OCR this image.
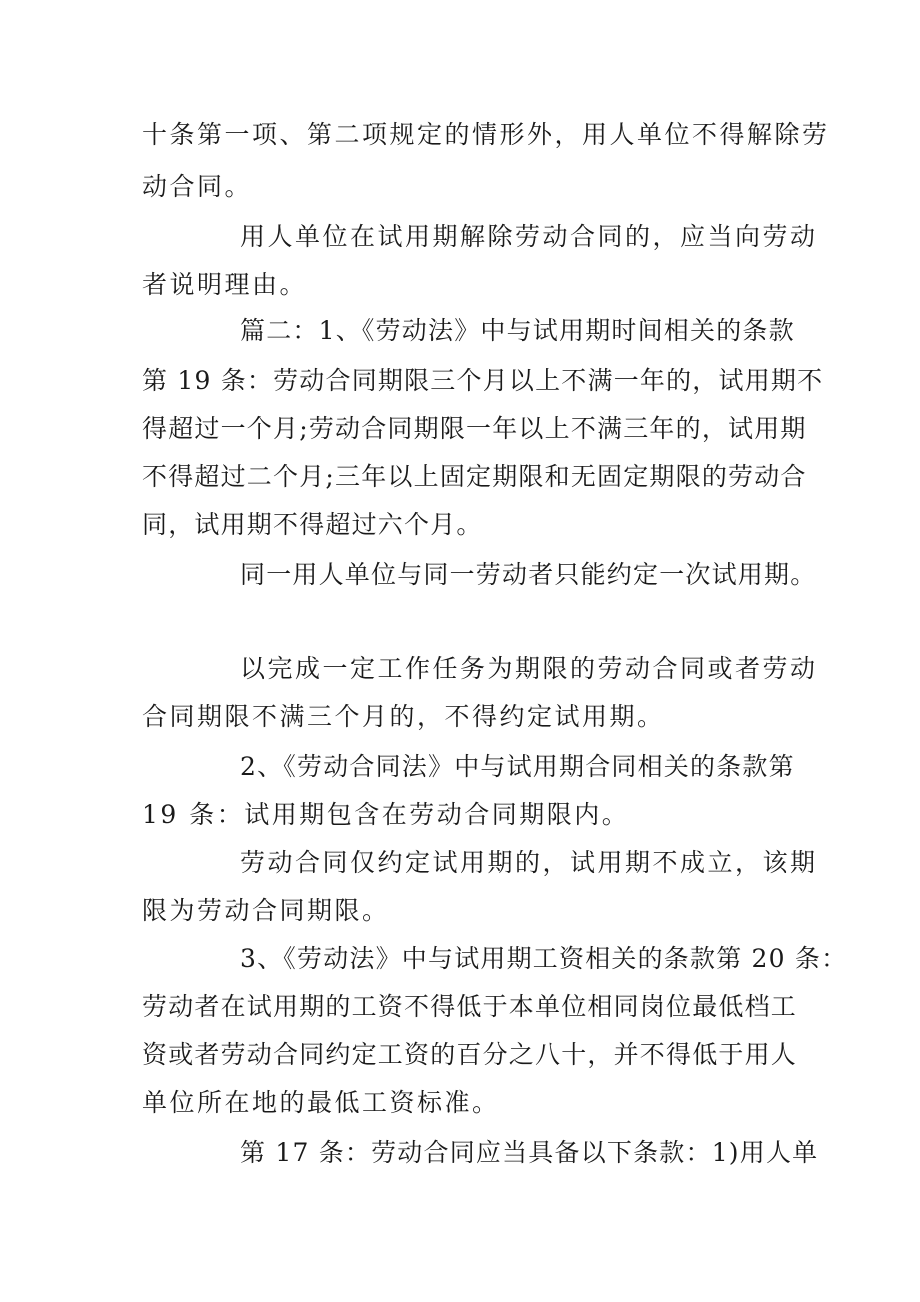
十条第一项、第二项规定的情形外，用人单位不得解除劳
动合同。
用人单位在试用期解除劳动合同的，应当向劳动
者说明理由。
篇二：1、《劳动法》中与试用期时间相关的条款
第 19 条：劳动合同期限三个月以上不满一年的，试用期不
得超过一个月;劳动合同期限一年以上不满三年的，试用期
不得超过二个月;三年以上固定期限和无固定期限的劳动合
同，试用期不得超过六个月。
同一用人单位与同一劳动者只能约定一次试用期。
以完成一定工作任务为期限的劳动合同或者劳动
合同期限不满三个月的，不得约定试用期。
2、《劳动合同法》中与试用期合同相关的条款第
19 条：试用期包含在劳动合同期限内。
劳动合同仅约定试用期的，试用期不成立，该期
限为劳动合同期限。
3、《劳动法》中与试用期工资相关的条款第 20 条：
劳动者在试用期的工资不得低于本单位相同岗位最低档工
资或者劳动合同约定工资的百分之八十，并不得低于用人
单位所在地的最低工资标准。
第 17 条：劳动合同应当具备以下条款：1)用人单
